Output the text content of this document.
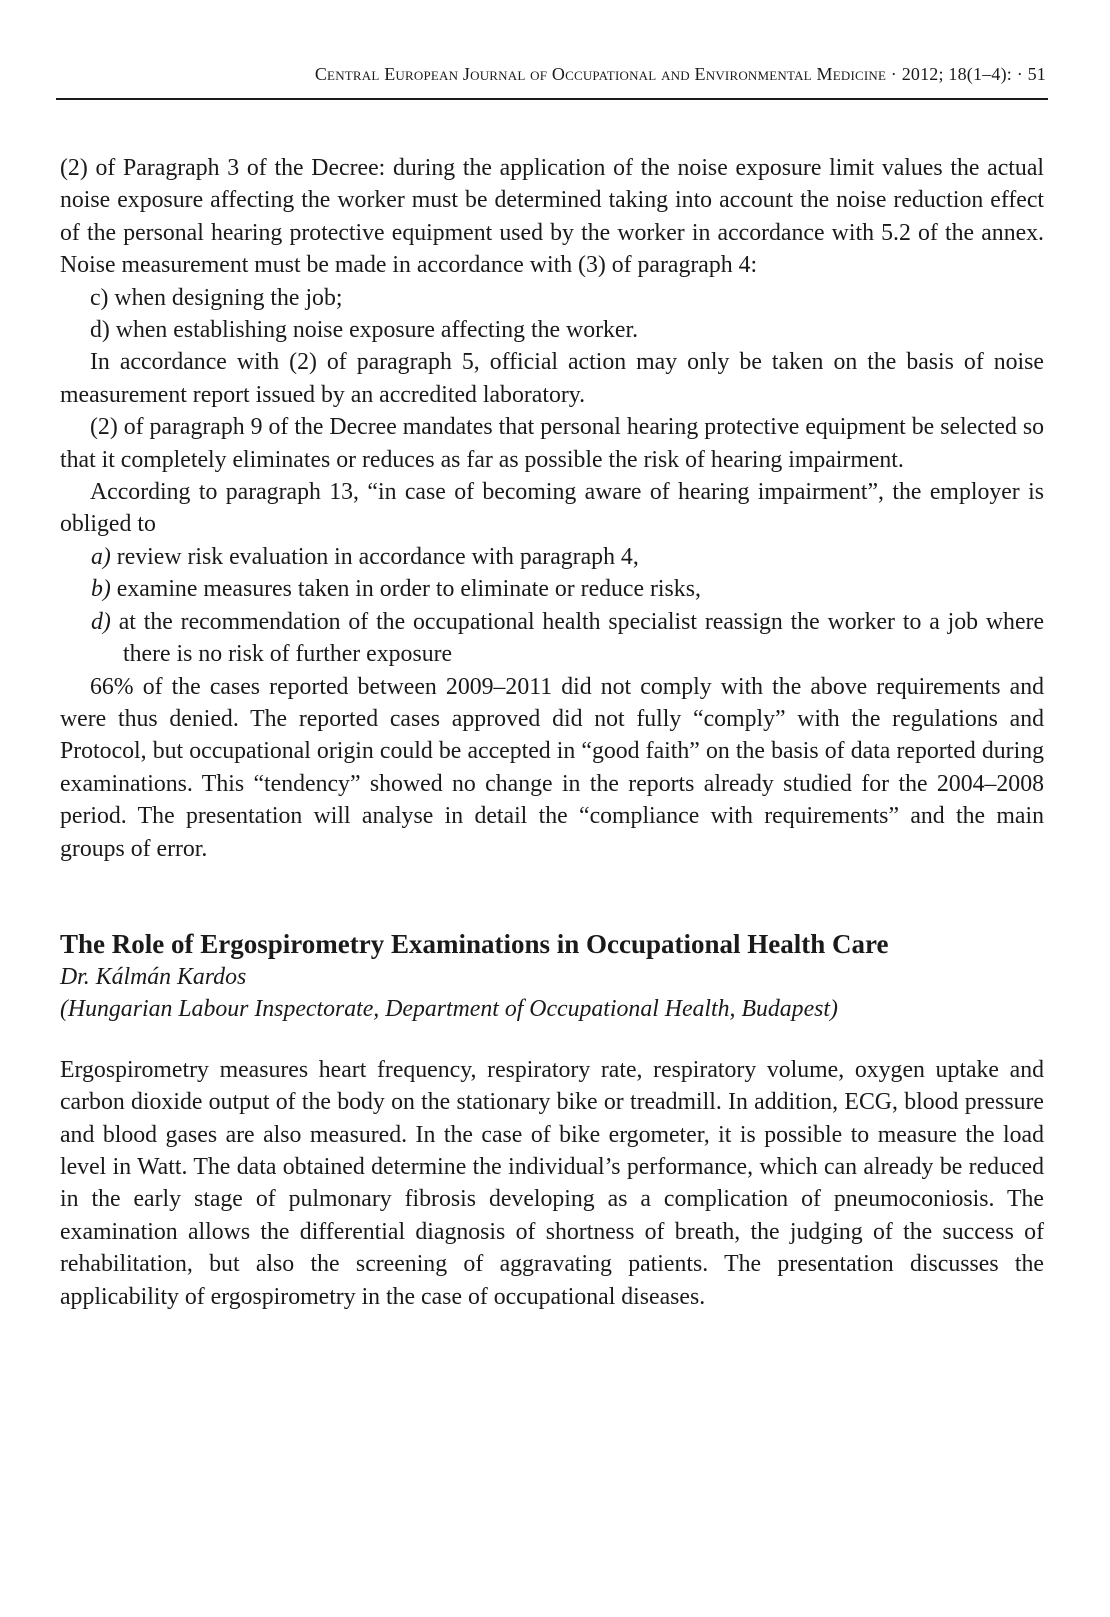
Central European Journal of Occupational and Environmental Medicine · 2012; 18(1–4): · 51

(2) of Paragraph 3 of the Decree: during the application of the noise exposure limit values the actual noise exposure affecting the worker must be determined taking into account the noise reduction effect of the personal hearing protective equipment used by the worker in accordance with 5.2 of the annex. Noise measurement must be made in accordance with (3) of paragraph 4:

c) when designing the job;

d) when establishing noise exposure affecting the worker.

In accordance with (2) of paragraph 5, official action may only be taken on the basis of noise measurement report issued by an accredited laboratory.

(2) of paragraph 9 of the Decree mandates that personal hearing protective equipment be selected so that it completely eliminates or reduces as far as possible the risk of hearing impairment.

According to paragraph 13, “in case of becoming aware of hearing impairment”, the employer is obliged to

a) review risk evaluation in accordance with paragraph 4,

b) examine measures taken in order to eliminate or reduce risks,

d) at the recommendation of the occupational health specialist reassign the worker to a job where there is no risk of further exposure

66% of the cases reported between 2009–2011 did not comply with the above requirements and were thus denied. The reported cases approved did not fully “comply” with the regulations and Protocol, but occupational origin could be accepted in “good faith” on the basis of data reported during examinations. This “tendency” showed no change in the reports already studied for the 2004–2008 period. The presentation will analyse in detail the “compliance with requirements” and the main groups of error.

The Role of Ergospirometry Examinations in Occupational Health Care
Dr. Kálmán Kardos
(Hungarian Labour Inspectorate, Department of Occupational Health, Budapest)

Ergospirometry measures heart frequency, respiratory rate, respiratory volume, oxygen uptake and carbon dioxide output of the body on the stationary bike or treadmill. In addition, ECG, blood pressure and blood gases are also measured. In the case of bike ergometer, it is possible to measure the load level in Watt. The data obtained determine the individual’s performance, which can already be reduced in the early stage of pulmonary fibrosis developing as a complication of pneumoconiosis. The examination allows the differential diagnosis of shortness of breath, the judging of the success of rehabilitation, but also the screening of aggravating patients. The presentation discusses the applicability of ergospirometry in the case of occupational diseases.
